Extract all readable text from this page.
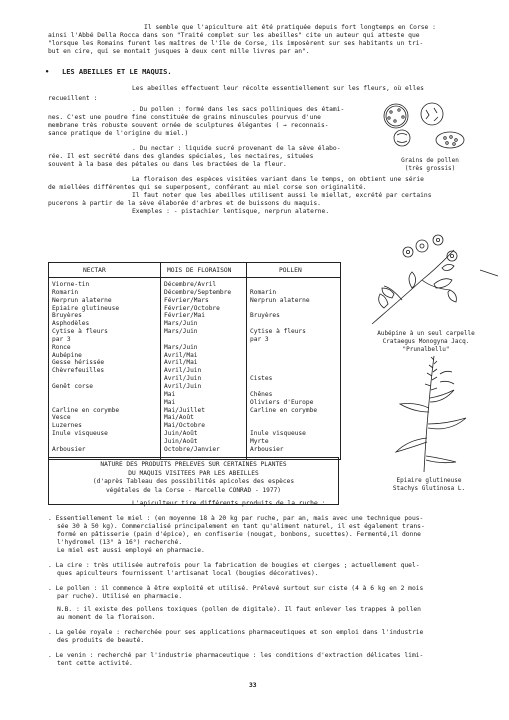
Il semble que l'apiculture ait été pratiquée depuis fort longtemps en Corse :
ainsi l'Abbé Della Rocca dans son "Traité complet sur les abeilles" cite un auteur qui atteste que
"lorsque les Romains furent les maîtres de l'île de Corse, ils imposèrent sur ses habitants un tri-
but en cire, qui se montait jusques à deux cent mille livres par an".
• LES ABEILLES ET LE MAQUIS.
Les abeilles effectuent leur récolte essentiellement sur les fleurs, où elles
recueillent :
. Du pollen : formé dans les sacs polliniques des étami-
nes. C'est une poudre fine constituée de grains minuscules pourvus d'une
membrane très robuste souvent ornée de sculptures élégantes ( → reconnais-
sance pratique de l'origine du miel.)
. Du nectar : liquide sucré provenant de la sève élabo-
rée. Il est secrété dans des glandes spéciales, les nectaires, situées
souvent à la base des pétales ou dans les bractées de la fleur.
La floraison des espèces visitées variant dans le temps, on obtient une série
de miellées différentes qui se superposent, conférant au miel corse son originalité.
Il faut noter que les abeilles utilisent aussi le miellat, excrété par certains
pucerons à partir de la sève élaborée d'arbres et de buissons du maquis.
Exemples : - pistachier lentisque, nerprun alaterne.
Grains de pollen
(très grossis)
NECTAR	MOIS DE FLORAISON	POLLEN
Viorne-tin
Romarin
Nerprun alaterne
Epiaire glutineuse
Bruyères
Asphodèles
Cytise à fleurs
par 3
Ronce
Aubépine
Gesse hérissée
Chèvrefeuilles

Genêt corse

Carline en corymbe
Vesce
Luzernes
Inule visqueuse

Arbousier
Décembre/Avril
Décembre/Septembre
Février/Mars
Février/Octobre
Février/Mai
Mars/Juin
Mars/Juin

Mars/Juin
Avril/Mai
Avril/Mai
Avril/Juin
Avril/Juin
Avril/Juin
Mai
Mai
Mai/Juillet
Mai/Août
Mai/Octobre
Juin/Août
Juin/Août
Octobre/Janvier

Romarin
Nerprun alaterne

Bruyères

Cytise à fleurs
par 3

Cistes

Chênes
Oliviers d'Europe
Carline en corymbe

Inule visqueuse
Myrte
Arbousier
NATURE DES PRODUITS PRELEVES SUR CERTAINES PLANTES
DU MAQUIS VISITEES PAR LES ABEILLES
(d'après Tableau des possibilités apicoles des espèces
végétales de la Corse - Marcelle CONRAD - 1977)
Aubépine à un seul carpelle
Crataegus Monogyna Jacq.
"Prunalbellu"
Epiaire glutineuse
Stachys Glutinosa L.
L'apiculteur tire différents produits de la ruche :
. Essentiellement le miel : (en moyenne 18 à 20 kg par ruche, par an, mais avec une technique pous-
sée 30 à 50 kg). Commercialisé principalement en tant qu'aliment naturel, il est également trans-
formé en pâtisserie (pain d'épice), en confiserie (nougat, bonbons, sucettes). Fermenté,il donne
l'hydromel (13° à 16°) recherché.
Le miel est aussi employé en pharmacie.
. La cire : très utilisée autrefois pour la fabrication de bougies et cierges ; actuellement quel-
ques apiculteurs fournissent l'artisanat local (bougies décoratives).
. Le pollen : il commence à être exploité et utilisé. Prélevé surtout sur ciste (4 à 6 kg en 2 mois
par ruche). Utilisé en pharmacie.
N.B. : il existe des pollens toxiques (pollen de digitale). Il faut enlever les trappes à pollen
au moment de la floraison.
. La gelée royale : recherchée pour ses applications pharmaceutiques et son emploi dans l'industrie
des produits de beauté.
. Le venin : recherché par l'industrie pharmaceutique : les conditions d'extraction délicates limi-
tent cette activité.
33
